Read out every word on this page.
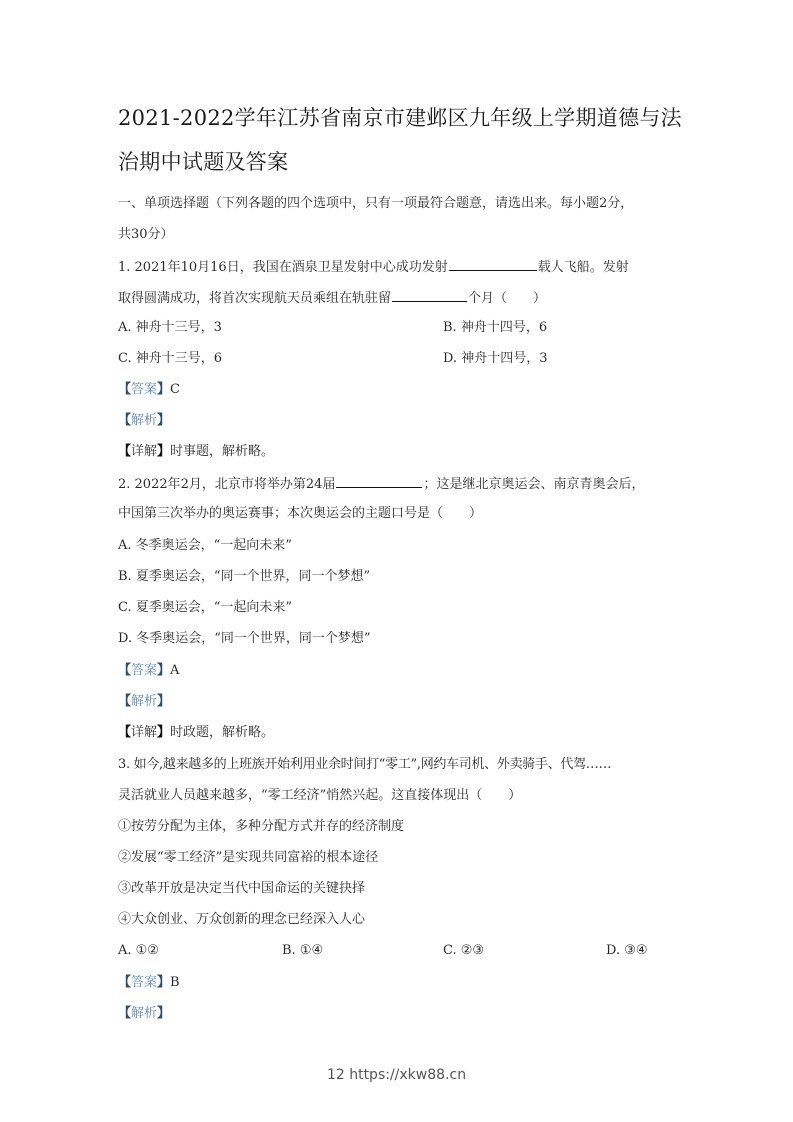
2021-2022学年江苏省南京市建邺区九年级上学期道德与法
治期中试题及答案
一、单项选择题（下列各题的四个选项中，只有一项最符合题意，请选出来。每小题2分，
共30分）
1. 2021年10月16日，我国在酒泉卫星发射中心成功发射	载人飞船。发射
取得圆满成功，将首次实现航天员乘组在轨驻留	个月（　　）
A. 神舟十三号，3	B. 神舟十四号，6
C. 神舟十三号，6	D. 神舟十四号，3
【答案】C
【解析】
【详解】时事题，解析略。
2. 2022年2月，北京市将举办第24届	；这是继北京奥运会、南京青奥会后，
中国第三次举办的奥运赛事；本次奥运会的主题口号是（　　）
A. 冬季奥运会，“一起向未来”
B. 夏季奥运会，“同一个世界，同一个梦想”
C. 夏季奥运会，“一起向未来”
D. 冬季奥运会，“同一个世界，同一个梦想”
【答案】A
【解析】
【详解】时政题，解析略。
3. 如今,越来越多的上班族开始利用业余时间打“零工”,网约车司机、外卖骑手、代驾……
灵活就业人员越来越多，“零工经济”悄然兴起。这直接体现出（　　）
①按劳分配为主体，多种分配方式并存的经济制度
②发展“零工经济”是实现共同富裕的根本途径
③改革开放是决定当代中国命运的关键抉择
④大众创业、万众创新的理念已经深入人心
A. ①②	B. ①④	C. ②③	D. ③④
【答案】B
【解析】
12 https://xkw88.cn
